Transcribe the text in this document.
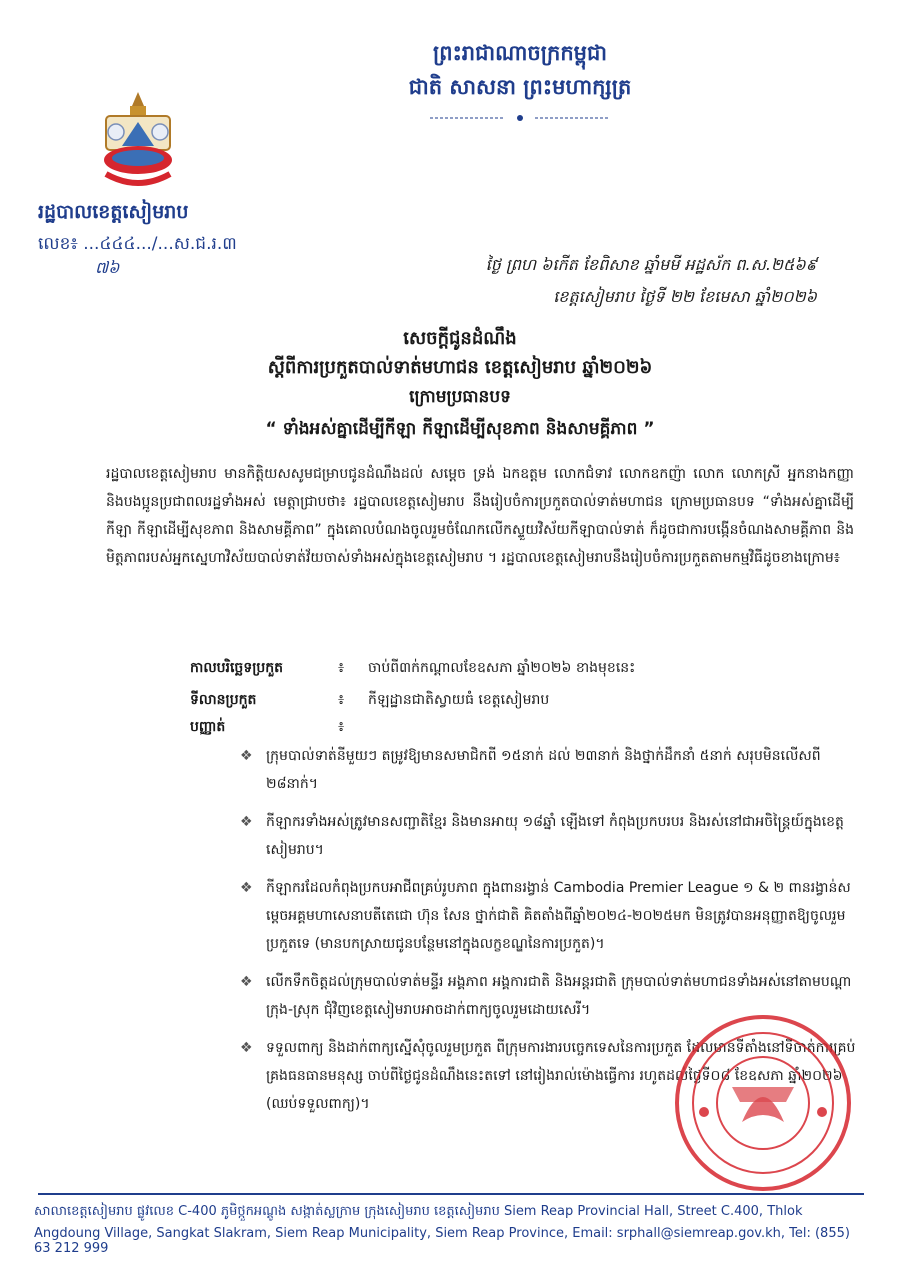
ព្រះរាជាណាចក្រកម្ពុជា
ជាតិ សាសនា ព្រះមហាក្សត្រ
រដ្ឋបាលខេត្តសៀមរាប
លេខ៖ ...៤៤៤.../...ស.ជ.រ.៣
៧៦	ថ្ងៃ ព្រហ ៦កើត ខែពិសាខ ឆ្នាំមមី អដ្ឋស័ក ព.ស.២៥៦៩
ខេត្តសៀមរាប ថ្ងៃទី ២២ ខែមេសា ឆ្នាំ២០២៦
សេចក្តីជូនដំណឹង
ស្តីពីការប្រកួតបាល់ទាត់មហាជន ខេត្តសៀមរាប ឆ្នាំ២០២៦
ក្រោមប្រធានបទ
“ ទាំងអស់គ្នាដើម្បីកីឡា កីឡាដើម្បីសុខភាព និងសាមគ្គីភាព ”
រដ្ឋបាលខេត្តសៀមរាប មានកិត្តិយសសូមជម្រាបជូនដំណឹងដល់ សម្តេច ទ្រង់ ឯកឧត្តម លោកជំទាវ លោកឧកញ៉ា លោក លោកស្រី អ្នកនាងកញ្ញា និងបងប្អូនប្រជាពលរដ្ឋទាំងអស់ មេត្តាជ្រាបថា៖ រដ្ឋបាលខេត្តសៀមរាប នឹងរៀបចំការប្រកួតបាល់ទាត់មហាជន ក្រោមប្រធានបទ “ទាំងអស់គ្នាដើម្បីកីឡា កីឡាដើម្បីសុខភាព និងសាមគ្គីភាព” ក្នុងគោលបំណងចូលរួមចំណែកលើកស្ទួយវិស័យកីឡាបាល់ទាត់ ក៏ដូចជាការបង្កើនចំណងសាមគ្គីភាព និងមិត្តភាពរបស់អ្នកស្នេហាវិស័យបាល់ទាត់វ័យចាស់ទាំងអស់ក្នុងខេត្តសៀមរាប ។ រដ្ឋបាលខេត្តសៀមរាបនឹងរៀបចំការប្រកួតតាមកម្មវិធីដូចខាងក្រោម៖
កាលបរិច្ឆេទប្រកួត	៖ ចាប់ពី៣ក់កណ្តាលខែឧសភា ឆ្នាំ២០២៦ ខាងមុខនេះ
ទីលានប្រកួត	៖ កីឡដ្ឋានជាតិស្វាយធំ ខេត្តសៀមរាប
បញ្ញាត់	៖
❖ ក្រុមបាល់ទាត់នីមួយៗ តម្រូវឱ្យមានសមាជិកពី ១៥នាក់ ដល់ ២៣នាក់ និងថ្នាក់ដឹកនាំ ៥នាក់ សរុបមិនលើសពី ២៨នាក់។
❖ កីឡាករទាំងអស់ត្រូវមានសញ្ជាតិខ្មែរ និងមានអាយុ ១៨ឆ្នាំ ឡើងទៅ កំពុងប្រកបរបរ និងរស់នៅជាអចិន្ត្រៃយ៍ក្នុងខេត្តសៀមរាប។
❖ កីឡាករដែលកំពុងប្រកបអាជីពគ្រប់រូបភាព ក្នុងពានរង្វាន់ Cambodia Premier League ១ & ២ ពានរង្វាន់សម្តេចអគ្គមហាសេនាបតីតេជោ ហ៊ុន សែន ថ្នាក់ជាតិ គិតតាំងពីឆ្នាំ២០២៤-២០២៥មក មិនត្រូវបានអនុញ្ញាតឱ្យចូលរួមប្រកួតទេ (មានបកស្រាយជូនបន្ថែមនៅក្នុងលក្ខខណ្ឌនៃការប្រកួត)។
❖ លើកទឹកចិត្តដល់ក្រុមបាល់ទាត់មន្ទីរ អង្គភាព អង្គការជាតិ និងអន្តរជាតិ ក្រុមបាល់ទាត់មហាជនទាំងអស់នៅតាមបណ្តាក្រុង-ស្រុក ជុំវិញខេត្តសៀមរាបអាចដាក់ពាក្យចូលរួមដោយសេរី។
❖ ទទួលពាក្យ និងដាក់ពាក្យស្នើសុំចូលរួមប្រកួត ពីក្រុមការងារបច្ចេកទេសនៃការប្រកួត ដែលមានទីតាំងនៅទីចាត់ការគ្រប់គ្រងធនធានមនុស្ស ចាប់ពីថ្ងៃជូនដំណឹងនេះតទៅ នៅរៀងរាល់ម៉ោងធ្វើការ រហូតដល់ថ្ងៃទី០៨ ខែឧសភា ឆ្នាំ២០២៦ (ឈប់ទទួលពាក្យ)។
សាលាខេត្តសៀមរាប ផ្លូវលេខ C-400 ភូមិថ្កួកអណ្តូង សង្កាត់ស្លក្រាម ក្រុងសៀមរាប ខេត្តសៀមរាប Siem Reap Provincial Hall, Street C.400, Thlok
Angdoung Village, Sangkat Slakram, Siem Reap Municipality, Siem Reap Province, Email: srphall@siemreap.gov.kh, Tel: (855) 63 212 999
